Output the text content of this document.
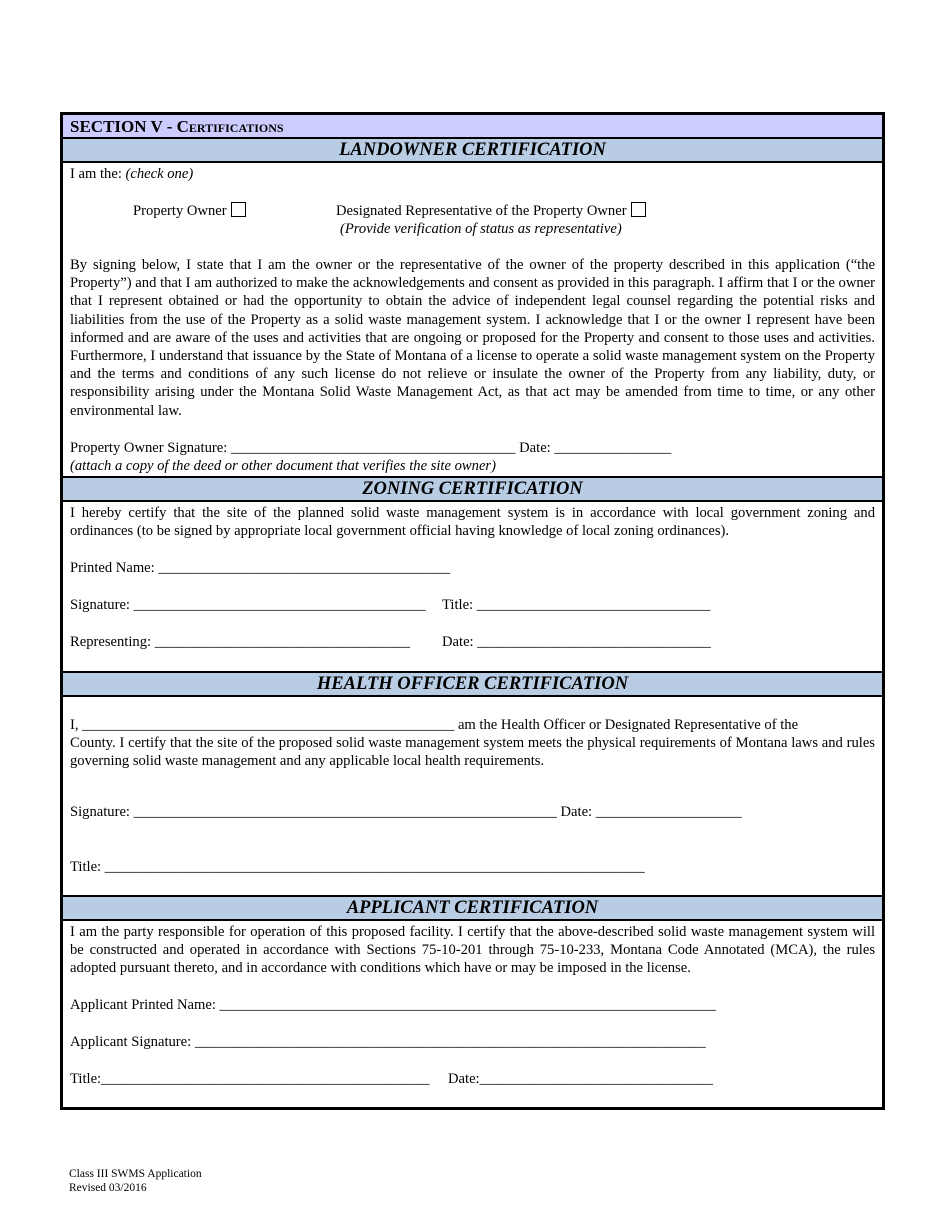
SECTION V - Certifications
LANDOWNER CERTIFICATION
I am the: (check one)
Property Owner	Designated Representative of the Property Owner
(Provide verification of status as representative)

By signing below, I state that I am the owner or the representative of the owner of the property described in this application (“the Property”) and that I am authorized to make the acknowledgements and consent as provided in this paragraph. I affirm that I or the owner that I represent obtained or had the opportunity to obtain the advice of independent legal counsel regarding the potential risks and liabilities from the use of the Property as a solid waste management system. I acknowledge that I or the owner I represent have been informed and are aware of the uses and activities that are ongoing or proposed for the Property and consent to those uses and activities. Furthermore, I understand that issuance by the State of Montana of a license to operate a solid waste management system on the Property and the terms and conditions of any such license do not relieve or insulate the owner of the Property from any liability, duty, or responsibility arising under the Montana Solid Waste Management Act, as that act may be amended from time to time, or any other environmental law.

Property Owner Signature: _______________________________________ Date: ________________
(attach a copy of the deed or other document that verifies the site owner)
ZONING CERTIFICATION

I hereby certify that the site of the planned solid waste management system is in accordance with local government zoning and ordinances (to be signed by appropriate local government official having knowledge of local zoning ordinances).

Printed Name: ________________________________________
Signature: ________________________________________ Title: ________________________________
Representing: ___________________________________ Date: ________________________________
HEALTH OFFICER CERTIFICATION
I, ___________________________________________________ am the Health Officer or Designated Representative of the

County. I certify that the site of the proposed solid waste management system meets the physical requirements of Montana laws and rules governing solid waste management and any applicable local health requirements.

Signature: __________________________________________________________ Date: ____________________
Title: __________________________________________________________________________
APPLICANT CERTIFICATION

I am the party responsible for operation of this proposed facility. I certify that the above-described solid waste management system will be constructed and operated in accordance with Sections 75-10-201 through 75-10-233, Montana Code Annotated (MCA), the rules adopted pursuant thereto, and in accordance with conditions which have or may be imposed in the license.

Applicant Printed Name: ____________________________________________________________________
Applicant Signature: ______________________________________________________________________
Title:_____________________________________________ Date:________________________________
Class III SWMS Application
Revised 03/2016
